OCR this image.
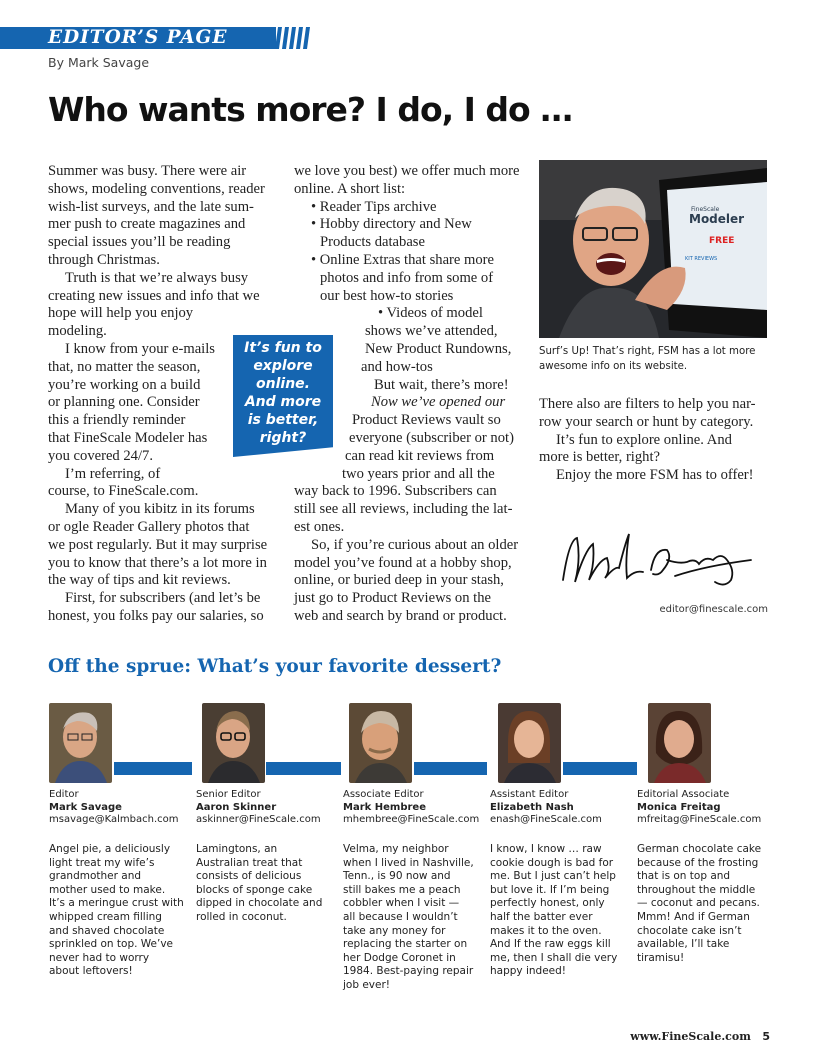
EDITOR’S PAGE
By Mark Savage
Who wants more? I do, I do …
Summer was busy. There were air
shows, modeling conventions, reader
wish-list surveys, and the late sum-
mer push to create magazines and
special issues you’ll be reading
through Christmas.
Truth is that we’re always busy
creating new issues and info that we
hope will help you enjoy
modeling.
I know from your e-mails
that, no matter the season,
you’re working on a build
or planning one. Consider
this a friendly reminder
that FineScale Modeler has
you covered 24/7.
I’m referring, of
course, to FineScale.com.
Many of you kibitz in its forums
or ogle Reader Gallery photos that
we post regularly. But it may surprise
you to know that there’s a lot more in
the way of tips and kit reviews.
First, for subscribers (and let’s be
honest, you folks pay our salaries, so
we love you best) we offer much more
online. A short list:
• Reader Tips archive
• Hobby directory and New
Products database
• Online Extras that share more
photos and info from some of
our best how-to stories
• Videos of model
shows we’ve attended,
New Product Rundowns,
and how-tos
But wait, there’s more!
Now we’ve opened our
Product Reviews vault so
everyone (subscriber or not)
can read kit reviews from
two years prior and all the
way back to 1996. Subscribers can
still see all reviews, including the lat-
est ones.
So, if you’re curious about an older
model you’ve found at a hobby shop,
online, or buried deep in your stash,
just go to Product Reviews on the
web and search by brand or product.
It’s fun to
explore
online.
And more
is better,
right?
FineScale
Modeler
FREE
KIT REVIEWS
Surf’s Up! That’s right, FSM has a lot more
awesome info on its website.
There also are filters to help you nar-
row your search or hunt by category.
It’s fun to explore online. And
more is better, right?
Enjoy the more FSM has to offer!
editor@finescale.com
Off the sprue: What’s your favorite dessert?
Editor
Mark Savage
msavage@Kalmbach.com
Senior Editor
Aaron Skinner
askinner@FineScale.com
Associate Editor
Mark Hembree
mhembree@FineScale.com
Assistant Editor
Elizabeth Nash
enash@FineScale.com
Editorial Associate
Monica Freitag
mfreitag@FineScale.com
Angel pie, a deliciously
light treat my wife’s
grandmother and
mother used to make.
It’s a meringue crust with
whipped cream filling
and shaved chocolate
sprinkled on top. We’ve
never had to worry
about leftovers!
Lamingtons, an
Australian treat that
consists of delicious
blocks of sponge cake
dipped in chocolate and
rolled in coconut.
Velma, my neighbor
when I lived in Nashville,
Tenn., is 90 now and
still bakes me a peach
cobbler when I visit —
all because I wouldn’t
take any money for
replacing the starter on
her Dodge Coronet in
1984. Best-paying repair
job ever!
I know, I know … raw
cookie dough is bad for
me. But I just can’t help
but love it. If I’m being
perfectly honest, only
half the batter ever
makes it to the oven.
And If the raw eggs kill
me, then I shall die very
happy indeed!
German chocolate cake
because of the frosting
that is on top and
throughout the middle
— coconut and pecans.
Mmm! And if German
chocolate cake isn’t
available, I’ll take
tiramisu!
www.FineScale.com 5
